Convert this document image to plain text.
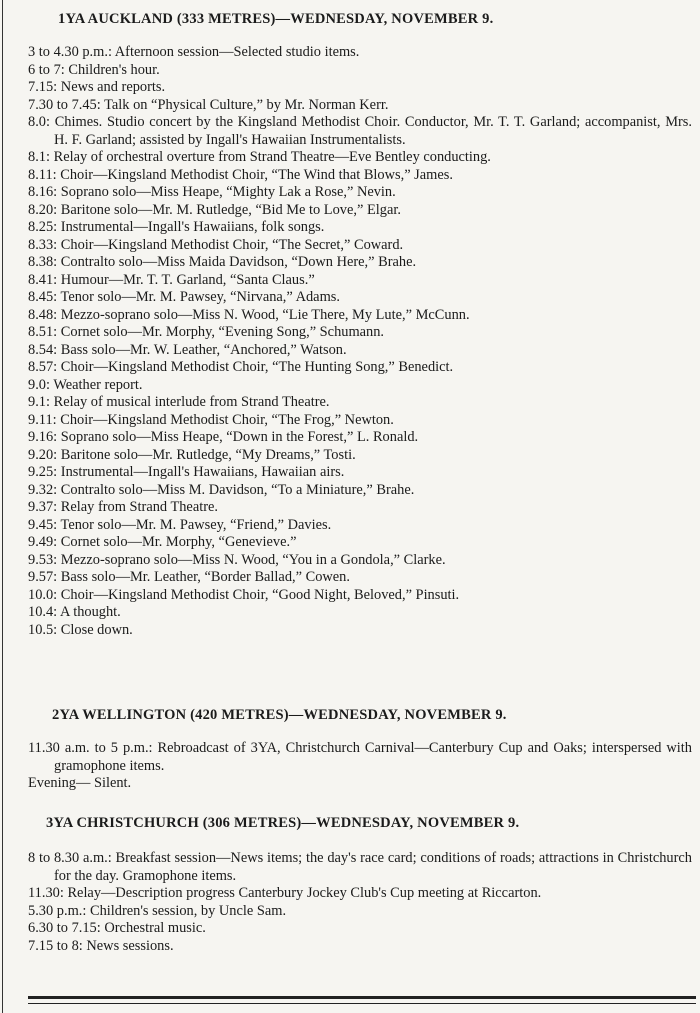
1YA AUCKLAND (333 METRES)—WEDNESDAY, NOVEMBER 9.
3 to 4.30 p.m.: Afternoon session—Selected studio items.
6 to 7: Children's hour.
7.15: News and reports.
7.30 to 7.45: Talk on “Physical Culture,” by Mr. Norman Kerr.
8.0: Chimes. Studio concert by the Kingsland Methodist Choir. Conductor, Mr. T. T. Garland; accompanist, Mrs. H. F. Garland; assisted by Ingall's Hawaiian Instrumentalists.
8.1: Relay of orchestral overture from Strand Theatre—Eve Bentley conducting.
8.11: Choir—Kingsland Methodist Choir, “The Wind that Blows,” James.
8.16: Soprano solo—Miss Heape, “Mighty Lak a Rose,” Nevin.
8.20: Baritone solo—Mr. M. Rutledge, “Bid Me to Love,” Elgar.
8.25: Instrumental—Ingall's Hawaiians, folk songs.
8.33: Choir—Kingsland Methodist Choir, “The Secret,” Coward.
8.38: Contralto solo—Miss Maida Davidson, “Down Here,” Brahe.
8.41: Humour—Mr. T. T. Garland, “Santa Claus.”
8.45: Tenor solo—Mr. M. Pawsey, “Nirvana,” Adams.
8.48: Mezzo-soprano solo—Miss N. Wood, “Lie There, My Lute,” McCunn.
8.51: Cornet solo—Mr. Morphy, “Evening Song,” Schumann.
8.54: Bass solo—Mr. W. Leather, “Anchored,” Watson.
8.57: Choir—Kingsland Methodist Choir, “The Hunting Song,” Benedict.
9.0: Weather report.
9.1: Relay of musical interlude from Strand Theatre.
9.11: Choir—Kingsland Methodist Choir, “The Frog,” Newton.
9.16: Soprano solo—Miss Heape, “Down in the Forest,” L. Ronald.
9.20: Baritone solo—Mr. Rutledge, “My Dreams,” Tosti.
9.25: Instrumental—Ingall's Hawaiians, Hawaiian airs.
9.32: Contralto solo—Miss M. Davidson, “To a Miniature,” Brahe.
9.37: Relay from Strand Theatre.
9.45: Tenor solo—Mr. M. Pawsey, “Friend,” Davies.
9.49: Cornet solo—Mr. Morphy, “Genevieve.”
9.53: Mezzo-soprano solo—Miss N. Wood, “You in a Gondola,” Clarke.
9.57: Bass solo—Mr. Leather, “Border Ballad,” Cowen.
10.0: Choir—Kingsland Methodist Choir, “Good Night, Beloved,” Pinsuti.
10.4: A thought.
10.5: Close down.
2YA WELLINGTON (420 METRES)—WEDNESDAY, NOVEMBER 9.
11.30 a.m. to 5 p.m.: Rebroadcast of 3YA, Christchurch Carnival—Canterbury Cup and Oaks; interspersed with gramophone items.
Evening— Silent.
3YA CHRISTCHURCH (306 METRES)—WEDNESDAY, NOVEMBER 9.
8 to 8.30 a.m.: Breakfast session—News items; the day's race card; conditions of roads; attractions in Christchurch for the day. Gramophone items.
11.30: Relay—Description progress Canterbury Jockey Club's Cup meeting at Riccarton.
5.30 p.m.: Children's session, by Uncle Sam.
6.30 to 7.15: Orchestral music.
7.15 to 8: News sessions.
